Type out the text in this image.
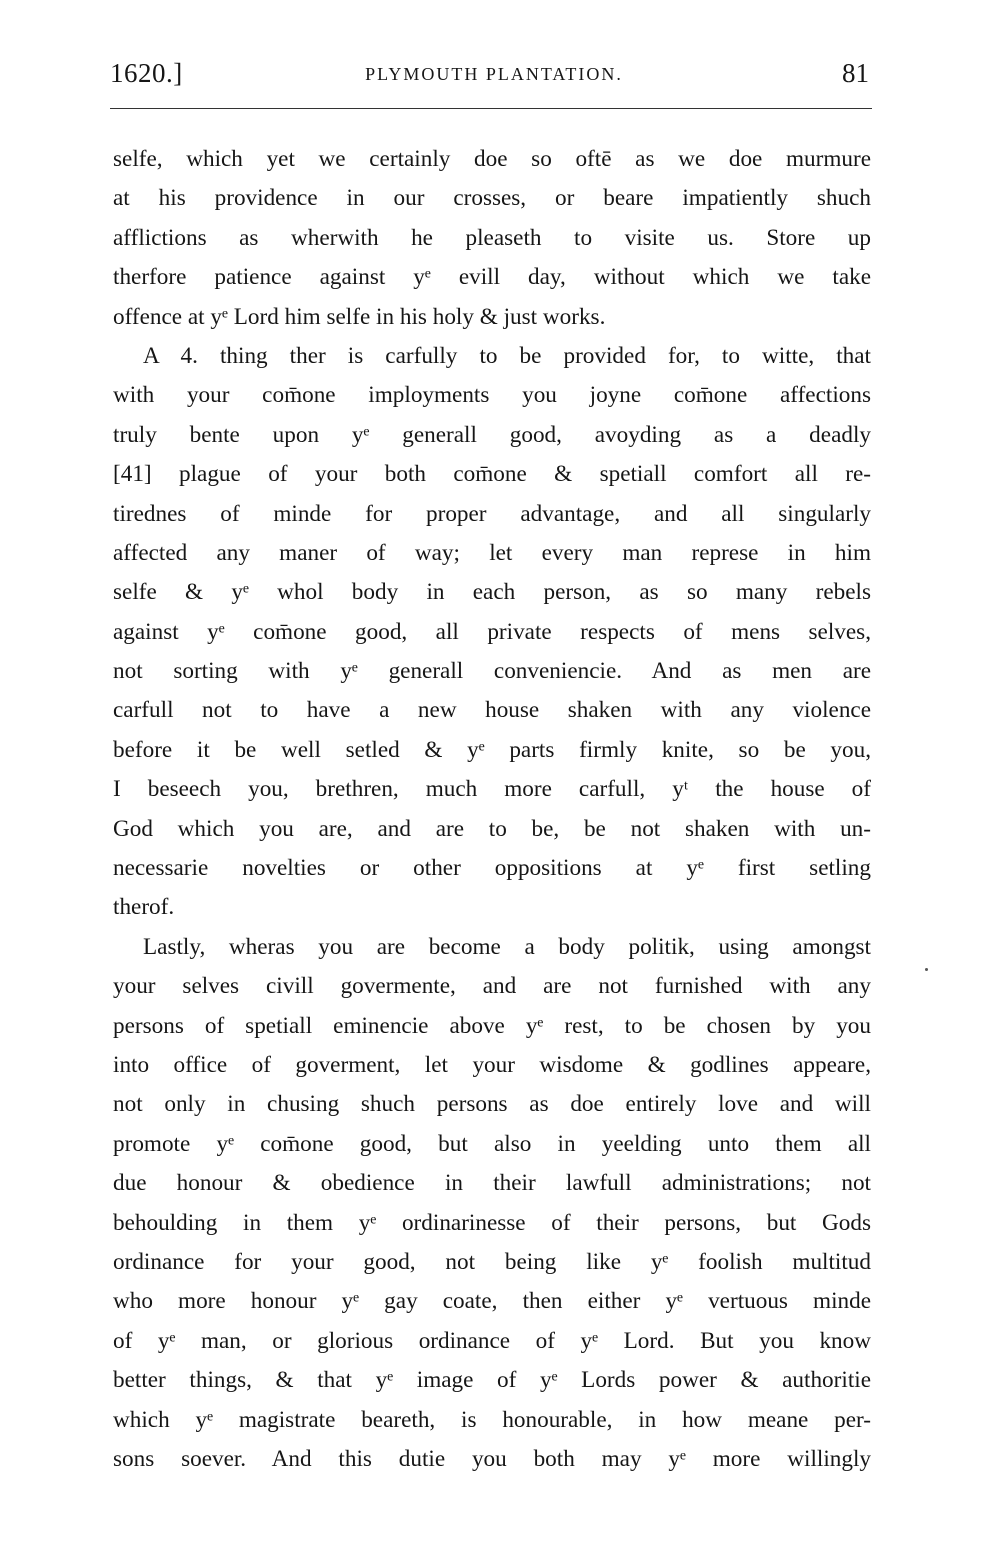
1620.]	PLYMOUTH PLANTATION.	81
selfe, which yet we certainly doe so oftē as we doe murmure
at his providence in our crosses, or beare impatiently shuch
afflictions as wherwith he pleaseth to visite us. Store up
therfore patience against yᵉ evill day, without which we take
offence at yᵉ Lord him selfe in his holy & just works.
A 4. thing ther is carfully to be provided for, to witte, that
with your com̄one imployments you joyne com̄one affections
truly bente upon yᵉ generall good, avoyding as a deadly
[41] plague of your both com̄one & spetiall comfort all re-
tirednes of minde for proper advantage, and all singularly
affected any maner of way; let every man represe in him
selfe & yᵉ whol body in each person, as so many rebels
against yᵉ com̄one good, all private respects of mens selves,
not sorting with yᵉ generall conveniencie. And as men are
carfull not to have a new house shaken with any violence
before it be well setled & yᵉ parts firmly knite, so be you,
I beseech you, brethren, much more carfull, yᵗ the house of
God which you are, and are to be, be not shaken with un-
necessarie novelties or other oppositions at yᵉ first setling
therof.
Lastly, wheras you are become a body politik, using amongst
your selves civill govermente, and are not furnished with any
persons of spetiall eminencie above yᵉ rest, to be chosen by you
into office of goverment, let your wisdome & godlines appeare,
not only in chusing shuch persons as doe entirely love and will
promote yᵉ com̄one good, but also in yeelding unto them all
due honour & obedience in their lawfull administrations; not
behoulding in them yᵉ ordinarinesse of their persons, but Gods
ordinance for your good, not being like yᵉ foolish multitud
who more honour yᵉ gay coate, then either yᵉ vertuous minde
of yᵉ man, or glorious ordinance of yᵉ Lord. But you know
better things, & that yᵉ image of yᵉ Lords power & authoritie
which yᵉ magistrate beareth, is honourable, in how meane per-
sons soever. And this dutie you both may yᵉ more willingly
